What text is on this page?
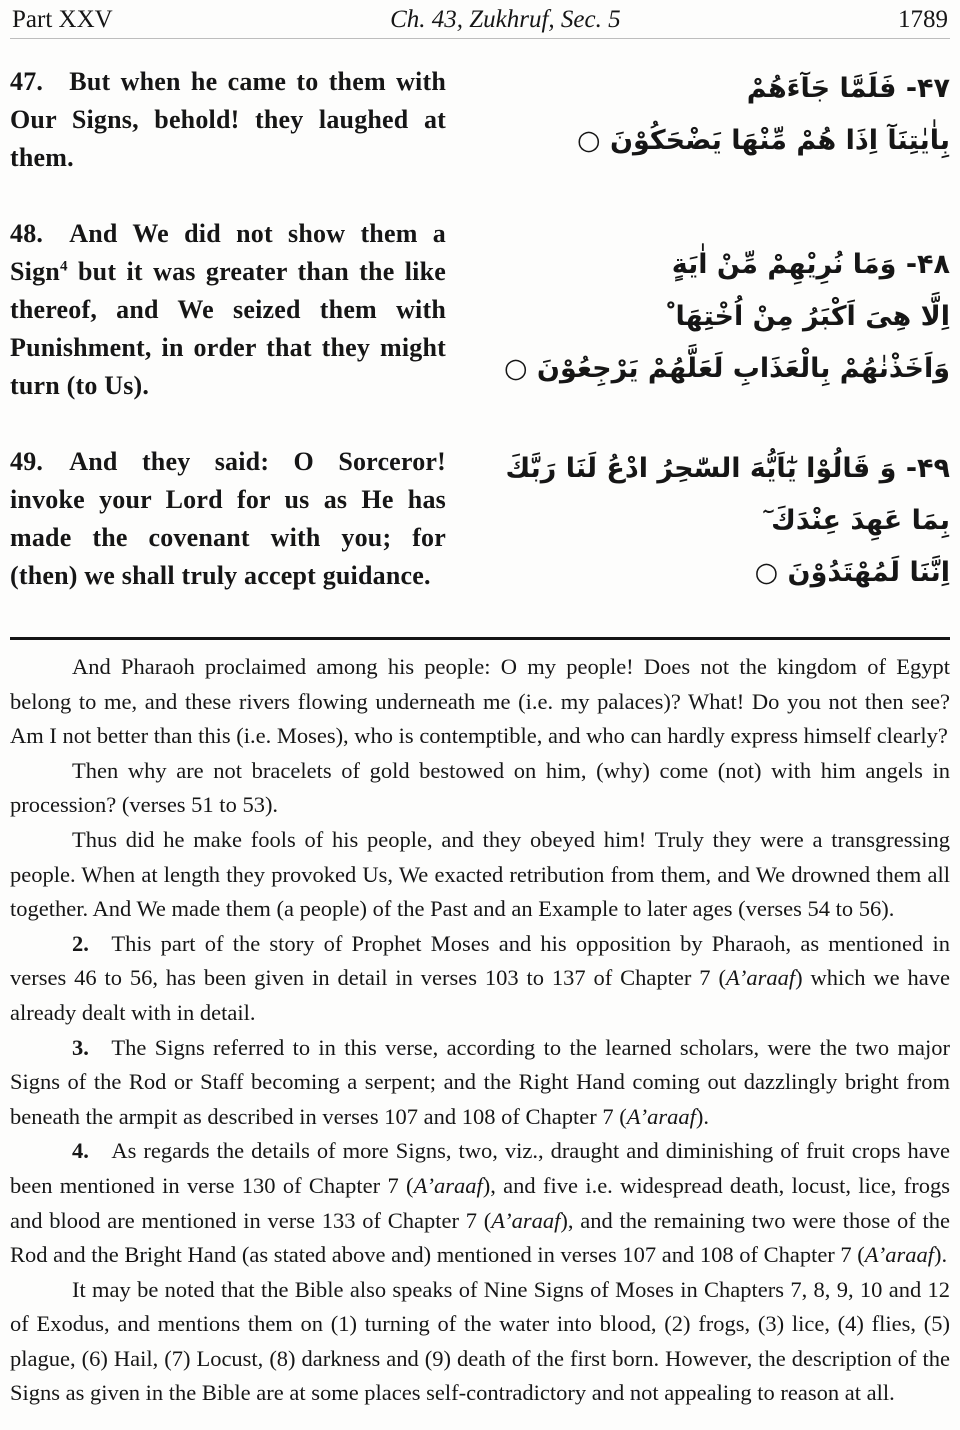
Part XXV	Ch. 43, Zukhruf, Sec. 5	1789
47. But when he came to them with Our Signs, behold! they laughed at them.
۴۷- فَلَمَّا جَآءَهُمْ
بِاٰيٰتِنَآ اِذَا هُمْ مِّنْهَا يَضْحَكُوْنَ ○
48. And We did not show them a Sign$^4$ but it was greater than the like thereof, and We seized them with Punishment, in order that they might turn (to Us).
۴۸- وَمَا نُرِيْهِمْ مِّنْ اٰيَةٍ
اِلَّا هِىَ اَكْبَرُ مِنْ اُخْتِهَا ْ
وَاَخَذْنٰهُمْ بِالْعَذَابِ لَعَلَّهُمْ يَرْجِعُوْنَ ○
49. And they said: O Sorceror! invoke your Lord for us as He has made the covenant with you; for (then) we shall truly accept guidance.
۴۹- وَ قَالُوْا يٰٓاَيُّهَ السّٰحِرُ ادْعُ لَنَا رَبَّكَ
بِمَا عَهِدَ عِنْدَكَ ٓ
اِنَّنَا لَمُهْتَدُوْنَ ○

And Pharaoh proclaimed among his people: O my people! Does not the kingdom of Egypt belong to me, and these rivers flowing underneath me (i.e. my palaces)? What! Do you not then see? Am I not better than this (i.e. Moses), who is contemptible, and who can hardly express himself clearly?

Then why are not bracelets of gold bestowed on him, (why) come (not) with him angels in procession? (verses 51 to 53).

Thus did he make fools of his people, and they obeyed him! Truly they were a transgressing people. When at length they provoked Us, We exacted retribution from them, and We drowned them all together. And We made them (a people) of the Past and an Example to later ages (verses 54 to 56).

2. This part of the story of Prophet Moses and his opposition by Pharaoh, as mentioned in verses 46 to 56, has been given in detail in verses 103 to 137 of Chapter 7 (A’araaf) which we have already dealt with in detail.

3. The Signs referred to in this verse, according to the learned scholars, were the two major Signs of the Rod or Staff becoming a serpent; and the Right Hand coming out dazzlingly bright from beneath the armpit as described in verses 107 and 108 of Chapter 7 (A’araaf).

4. As regards the details of more Signs, two, viz., draught and diminishing of fruit crops have been mentioned in verse 130 of Chapter 7 (A’araaf), and five i.e. widespread death, locust, lice, frogs and blood are mentioned in verse 133 of Chapter 7 (A’araaf), and the remaining two were those of the Rod and the Bright Hand (as stated above and) mentioned in verses 107 and 108 of Chapter 7 (A’araaf).

It may be noted that the Bible also speaks of Nine Signs of Moses in Chapters 7, 8, 9, 10 and 12 of Exodus, and mentions them on (1) turning of the water into blood, (2) frogs, (3) lice, (4) flies, (5) plague, (6) Hail, (7) Locust, (8) darkness and (9) death of the first born. However, the description of the Signs as given in the Bible are at some places self-contradictory and not appealing to reason at all.
